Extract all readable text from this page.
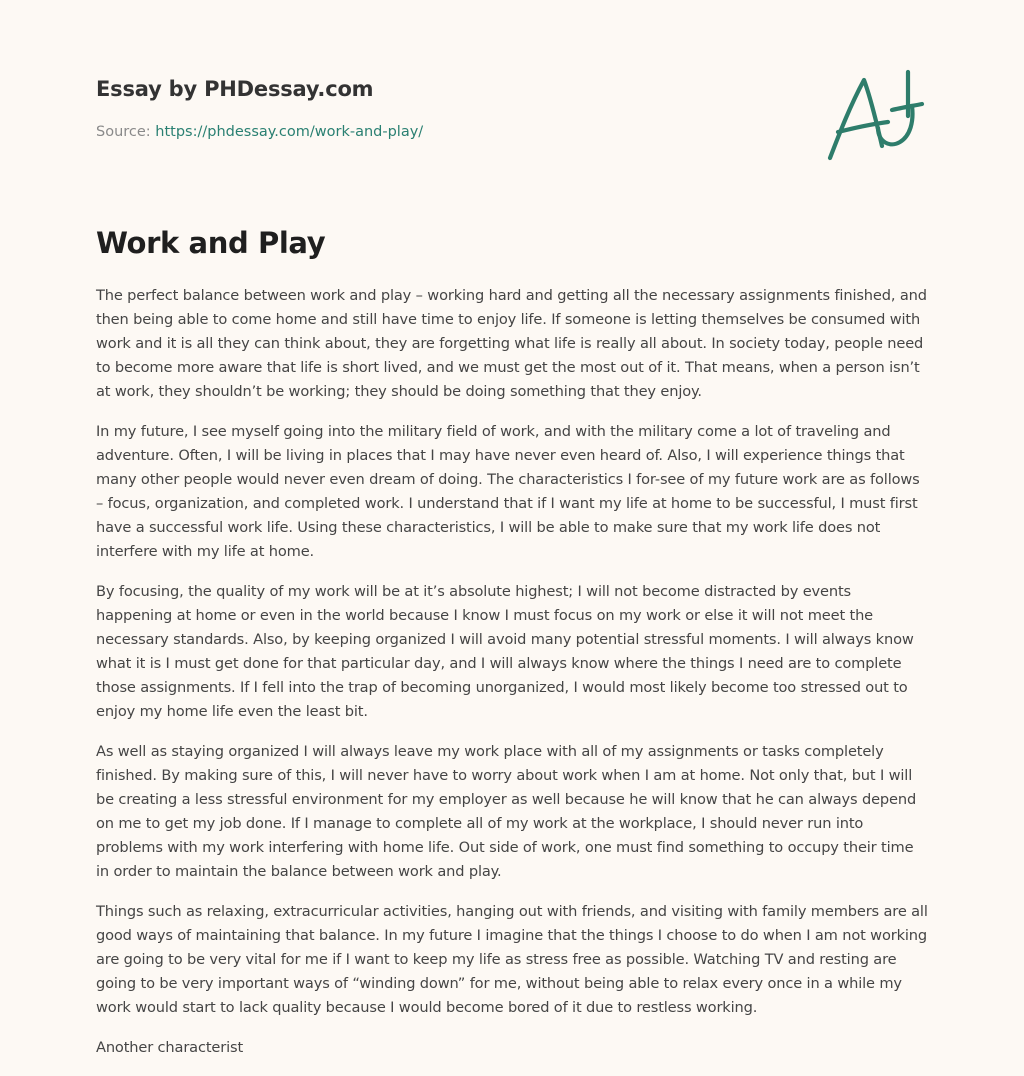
Essay by PHDessay.com
Source: https://phdessay.com/work-and-play/
Work and Play

The perfect balance between work and play – working hard and getting all the necessary assignments finished, and then being able to come home and still have time to enjoy life. If someone is letting themselves be consumed with work and it is all they can think about, they are forgetting what life is really all about. In society today, people need to become more aware that life is short lived, and we must get the most out of it. That means, when a person isn’t at work, they shouldn’t be working; they should be doing something that they enjoy.

In my future, I see myself going into the military field of work, and with the military come a lot of traveling and adventure. Often, I will be living in places that I may have never even heard of. Also, I will experience things that many other people would never even dream of doing. The characteristics I for-see of my future work are as follows – focus, organization, and completed work. I understand that if I want my life at home to be successful, I must first have a successful work life. Using these characteristics, I will be able to make sure that my work life does not interfere with my life at home.

By focusing, the quality of my work will be at it’s absolute highest; I will not become distracted by events happening at home or even in the world because I know I must focus on my work or else it will not meet the necessary standards. Also, by keeping organized I will avoid many potential stressful moments. I will always know what it is I must get done for that particular day, and I will always know where the things I need are to complete those assignments. If I fell into the trap of becoming unorganized, I would most likely become too stressed out to enjoy my home life even the least bit.

As well as staying organized I will always leave my work place with all of my assignments or tasks completely finished. By making sure of this, I will never have to worry about work when I am at home. Not only that, but I will be creating a less stressful environment for my employer as well because he will know that he can always depend on me to get my job done. If I manage to complete all of my work at the workplace, I should never run into problems with my work interfering with home life. Out side of work, one must find something to occupy their time in order to maintain the balance between work and play.

Things such as relaxing, extracurricular activities, hanging out with friends, and visiting with family members are all good ways of maintaining that balance. In my future I imagine that the things I choose to do when I am not working are going to be very vital for me if I want to keep my life as stress free as possible. Watching TV and resting are going to be very important ways of “winding down” for me, without being able to relax every once in a while my work would start to lack quality because I would become bored of it due to restless working.

Another characterist
